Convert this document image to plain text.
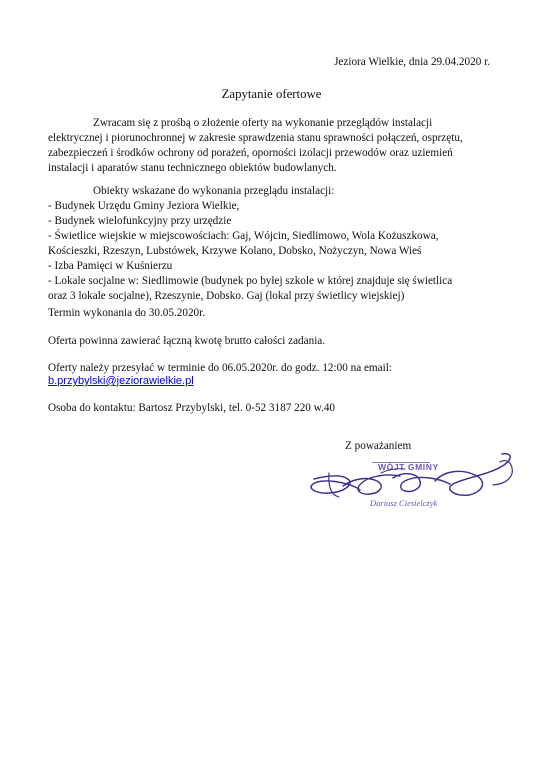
Jeziora Wielkie, dnia 29.04.2020 r.
Zapytanie ofertowe
Zwracam się z prośbą o złożenie oferty na wykonanie przeglądów instalacji
elektrycznej i piorunochronnej w zakresie sprawdzenia stanu sprawności połączeń, osprzętu,
zabezpieczeń i środków ochrony od porażeń, oporności izolacji przewodów oraz uziemień
instalacji i aparatów stanu technicznego obiektów budowlanych.
Obiekty wskazane do wykonania przeglądu instalacji:
- Budynek Urzędu Gminy Jeziora Wielkie,
- Budynek wielofunkcyjny przy urzędzie
- Świetlice wiejskie w miejscowościach: Gaj, Wójcin, Siedlimowo, Wola Kożuszkowa,
Kościeszki, Rzeszyn, Lubstówek, Krzywe Kolano, Dobsko, Nożyczyn, Nowa Wieś
- Izba Pamięci w Kuśnierzu
- Lokale socjalne w: Siedlimowie (budynek po byłej szkole w której znajduje się świetlica
oraz 3 lokale socjalne), Rzeszynie, Dobsko. Gaj (lokal przy świetlicy wiejskiej)
Termin wykonania do 30.05.2020r.
Oferta powinna zawierać łączną kwotę brutto całości zadania.
Oferty należy przesyłać w terminie do 06.05.2020r. do godz. 12:00 na email:
b.przybylski@jeziorawielkie.pl
Osoba do kontaktu: Bartosz Przybylski, tel. 0-52 3187 220 w.40
Z poważaniem
WÓJT GMINY
Dariusz Ciesielczyk
